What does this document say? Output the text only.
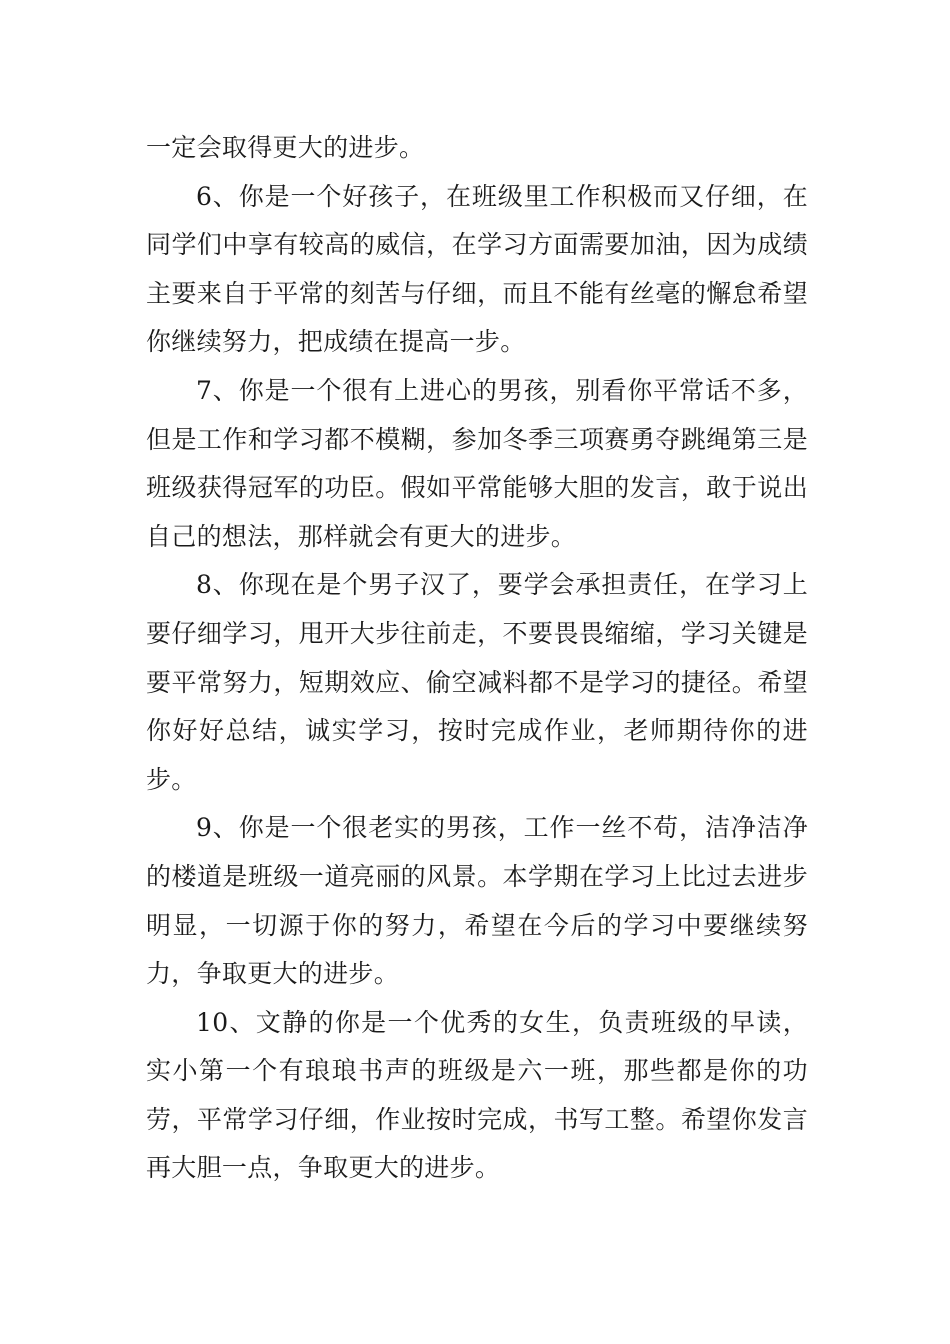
一定会取得更大的进步。

6、你是一个好孩子，在班级里工作积极而又仔细，在同学们中享有较高的威信，在学习方面需要加油，因为成绩主要来自于平常的刻苦与仔细，而且不能有丝毫的懈怠希望你继续努力，把成绩在提高一步。

7、你是一个很有上进心的男孩，别看你平常话不多，但是工作和学习都不模糊，参加冬季三项赛勇夺跳绳第三是班级获得冠军的功臣。假如平常能够大胆的发言，敢于说出自己的想法，那样就会有更大的进步。

8、你现在是个男子汉了，要学会承担责任，在学习上要仔细学习，甩开大步往前走，不要畏畏缩缩，学习关键是要平常努力，短期效应、偷空减料都不是学习的捷径。希望你好好总结，诚实学习，按时完成作业，老师期待你的进步。

9、你是一个很老实的男孩，工作一丝不苟，洁净洁净的楼道是班级一道亮丽的风景。本学期在学习上比过去进步明显，一切源于你的努力，希望在今后的学习中要继续努力，争取更大的进步。

10、文静的你是一个优秀的女生，负责班级的早读，实小第一个有琅琅书声的班级是六一班，那些都是你的功劳，平常学习仔细，作业按时完成，书写工整。希望你发言再大胆一点，争取更大的进步。
